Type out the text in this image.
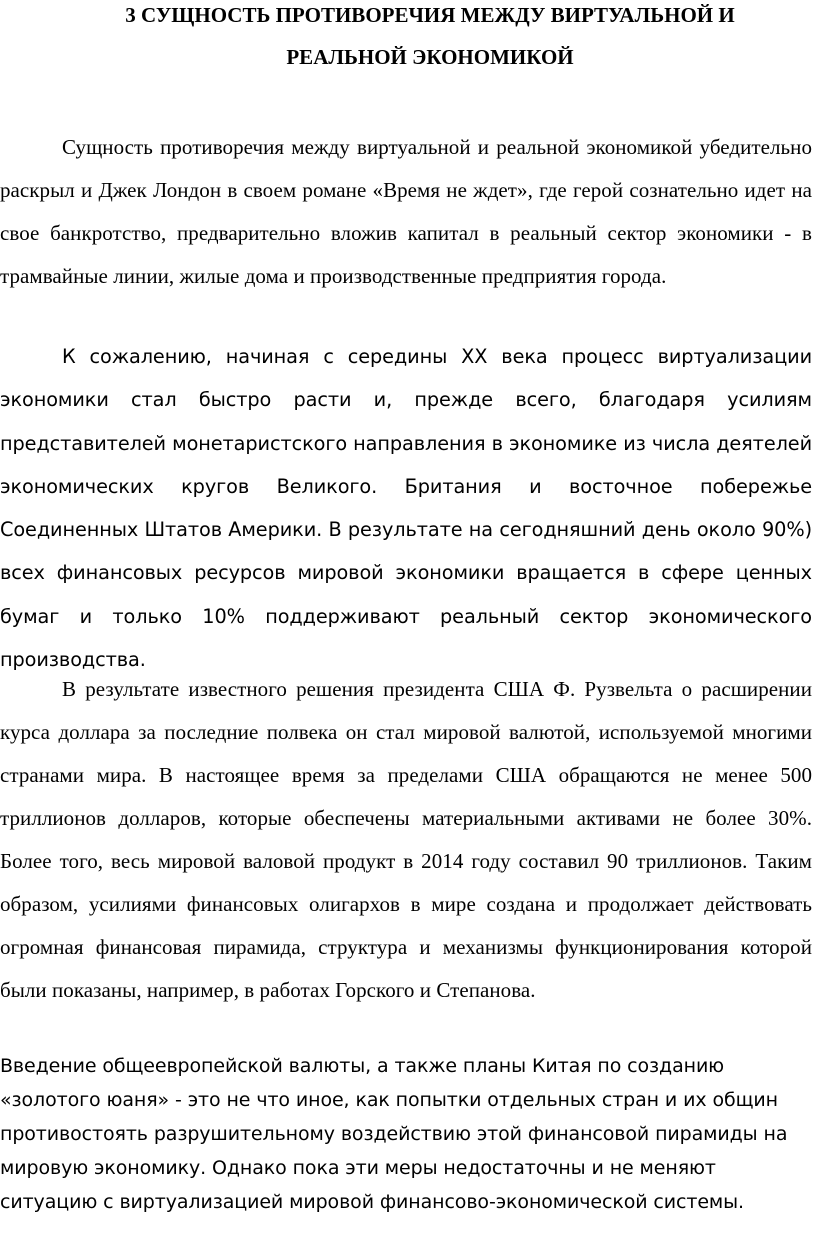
3 СУЩНОСТЬ ПРОТИВОРЕЧИЯ МЕЖДУ ВИРТУАЛЬНОЙ И
РЕАЛЬНОЙ ЭКОНОМИКОЙ

Сущность противоречия между виртуальной и реальной экономикой убедительно раскрыл и Джек Лондон в своем романе «Время не ждет», где герой сознательно идет на свое банкротство, предварительно вложив капитал в реальный сектор экономики - в трамвайные линии, жилые дома и производственные предприятия города.

К сожалению, начиная с середины XX века процесс виртуализации экономики стал быстро расти и, прежде всего, благодаря усилиям представителей монетаристского направления в экономике из числа деятелей экономических кругов Великого. Британия и восточное побережье Соединенных Штатов Америки. В результате на сегодняшний день около 90%) всех финансовых ресурсов мировой экономики вращается в сфере ценных бумаг и только 10% поддерживают реальный сектор экономического производства.

В результате известного решения президента США Ф. Рузвельта о расширении курса доллара за последние полвека он стал мировой валютой, используемой многими странами мира. В настоящее время за пределами США обращаются не менее 500 триллионов долларов, которые обеспечены материальными активами не более 30%. Более того, весь мировой валовой продукт в 2014 году составил 90 триллионов. Таким образом, усилиями финансовых олигархов в мире создана и продолжает действовать огромная финансовая пирамида, структура и механизмы функционирования которой были показаны, например, в работах Горского и Степанова.

Введение общеевропейской валюты, а также планы Китая по созданию «золотого юаня» - это не что иное, как попытки отдельных стран и их общин противостоять разрушительному воздействию этой финансовой пирамиды на мировую экономику. Однако пока эти меры недостаточны и не меняют ситуацию с виртуализацией мировой финансово-экономической системы.
